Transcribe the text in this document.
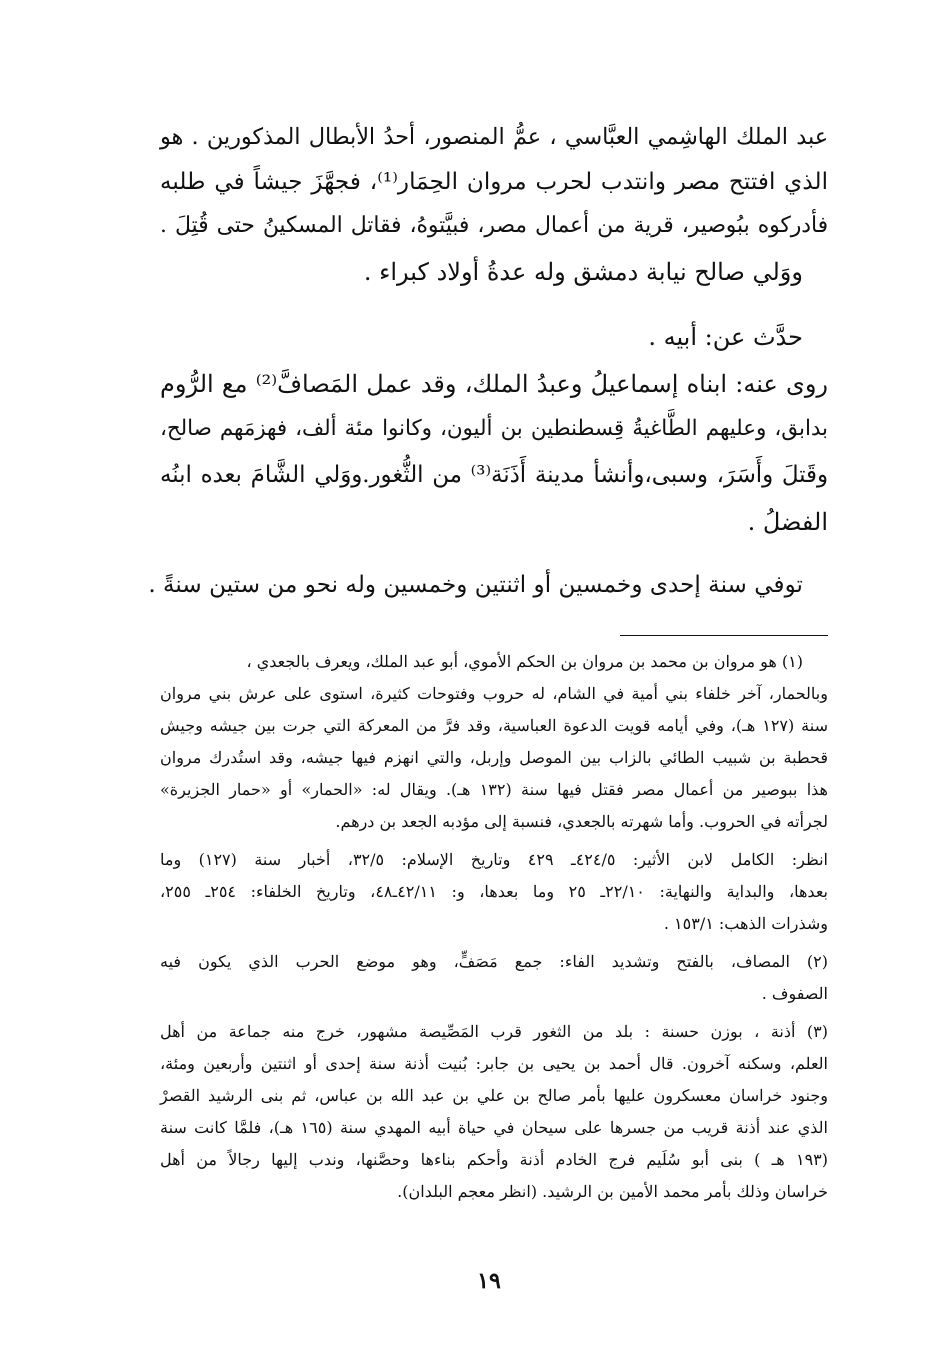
عبد الملك الهاشِمي العبَّاسي ، عمُّ المنصور، أحدُ الأبطال المذكورين . هو
الذي افتتح مصر وانتدب لحرب مروان الحِمَار⁽¹⁾، فجهَّزَ جيشاً في طلبه
فأدركوه ببُوصير، قرية من أعمال مصر، فبيَّتوهُ، فقاتل المسكينُ حتى قُتِلَ .
ووَلي صالح نيابة دمشق وله عدةُ أولاد كبراء .
حدَّث عن: أبيه .
روى عنه: ابناه إسماعيلُ وعبدُ الملك، وقد عمل المَصافَّ⁽²⁾ مع الرُّوم
بدابق، وعليهم الطَّاغيةُ قِسطنطين بن أليون، وكانوا مئة ألف، فهزمَهم صالح،
وقَتلَ وأَسَرَ، وسبى،وأنشأ مدينة أَذَنَة⁽³⁾ من الثُّغور.ووَلي الشَّامَ بعده ابنُه
الفضلُ .
توفي سنة إحدى وخمسين أو اثنتين وخمسين وله نحو من ستين سنةً .
(١) هو مروان بن محمد بن مروان بن الحكم الأموي، أبو عبد الملك، ويعرف بالجعدي ،
وبالحمار، آخر خلفاء بني أمية في الشام، له حروب وفتوحات كثيرة، استوى على عرش بني مروان
سنة (١٢٧ هـ)، وفي أيامه قويت الدعوة العباسية، وقد فرَّ من المعركة التي جرت بين جيشه وجيش
قحطبة بن شبيب الطائي بالزاب بين الموصل وإربل، والتي انهزم فيها جيشه، وقد استُدرك مروان
هذا ببوصير من أعمال مصر فقتل فيها سنة (١٣٢ هـ). ويقال له: «الحمار» أو «حمار الجزيرة»
لجرأته في الحروب. وأما شهرته بالجعدي، فنسبة إلى مؤدبه الجعد بن درهم.
انظر: الكامل لابن الأثير: ٤٢٤/٥ـ ٤٢٩ وتاريخ الإسلام: ٣٢/٥، أخبار سنة (١٢٧) وما
بعدها، والبداية والنهاية: ٢٢/١٠ـ ٢٥ وما بعدها، و: ٤٢/١١ـ٤٨، وتاريخ الخلفاء: ٢٥٤ـ ٢٥٥،
وشذرات الذهب: ١٥٣/١ .
(٢) المصاف، بالفتح وتشديد الفاء: جمع مَصَفٍّ، وهو موضع الحرب الذي يكون فيه
الصفوف .
(٣) أذنة ، بوزن حسنة : بلد من الثغور قرب المَصِّيصة مشهور، خرج منه جماعة من أهل
العلم، وسكنه آخرون. قال أحمد بن يحيى بن جابر: بُنيت أذنة سنة إحدى أو اثنتين وأربعين ومئة،
وجنود خراسان معسكرون عليها بأمر صالح بن علي بن عبد الله بن عباس، ثم بنى الرشيد القصرْ
الذي عند أذنة قريب من جسرها على سيحان في حياة أبيه المهدي سنة (١٦٥ هـ)، فلمَّا كانت سنة
(١٩٣ هـ ) بنى أبو سُلَيم فرج الخادم أذنة وأحكم بناءها وحصَّنها، وندب إليها رجالاً من أهل
خراسان وذلك بأمر محمد الأمين بن الرشيد. (انظر معجم البلدان).
١٩
